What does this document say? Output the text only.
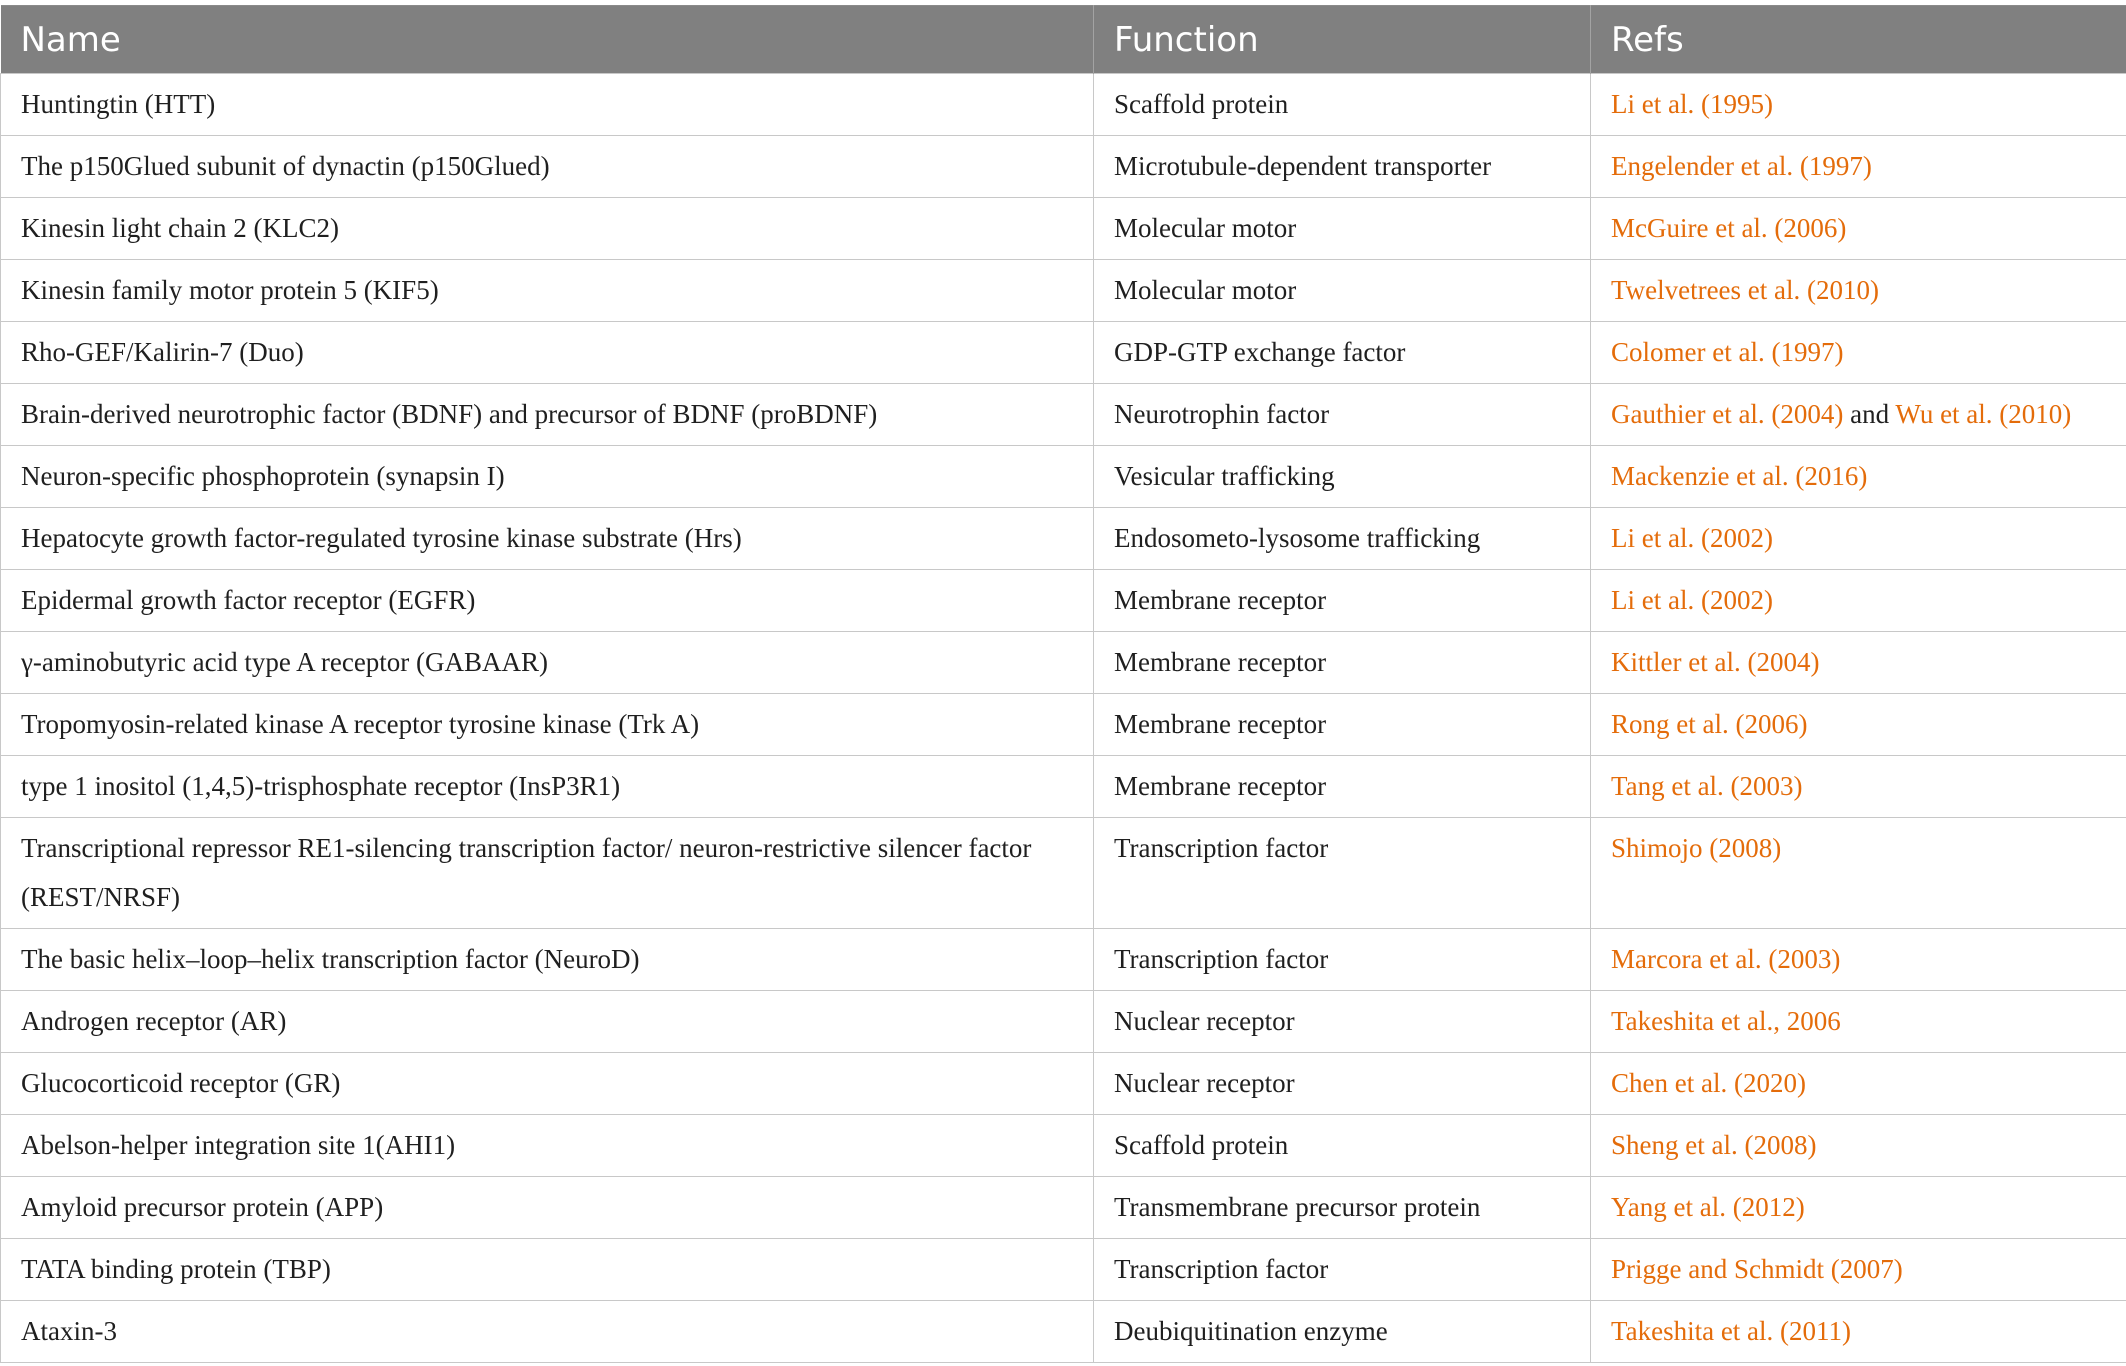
Name	Function	Refs
Huntingtin (HTT)	Scaffold protein	Li et al. (1995)
The p150Glued subunit of dynactin (p150Glued)	Microtubule-dependent transporter	Engelender et al. (1997)
Kinesin light chain 2 (KLC2)	Molecular motor	McGuire et al. (2006)
Kinesin family motor protein 5 (KIF5)	Molecular motor	Twelvetrees et al. (2010)
Rho-GEF/Kalirin-7 (Duo)	GDP-GTP exchange factor	Colomer et al. (1997)
Brain-derived neurotrophic factor (BDNF) and precursor of BDNF (proBDNF)	Neurotrophin factor	Gauthier et al. (2004) and Wu et al. (2010)
Neuron-specific phosphoprotein (synapsin I)	Vesicular trafficking	Mackenzie et al. (2016)
Hepatocyte growth factor-regulated tyrosine kinase substrate (Hrs)	Endosometo-lysosome trafficking	Li et al. (2002)
Epidermal growth factor receptor (EGFR)	Membrane receptor	Li et al. (2002)
γ-aminobutyric acid type A receptor (GABAAR)	Membrane receptor	Kittler et al. (2004)
Tropomyosin-related kinase A receptor tyrosine kinase (Trk A)	Membrane receptor	Rong et al. (2006)
type 1 inositol (1,4,5)-trisphosphate receptor (InsP3R1)	Membrane receptor	Tang et al. (2003)
Transcriptional repressor RE1-silencing transcription factor/ neuron-restrictive silencer factor (REST/NRSF)	Transcription factor	Shimojo (2008)
The basic helix–loop–helix transcription factor (NeuroD)	Transcription factor	Marcora et al. (2003)
Androgen receptor (AR)	Nuclear receptor	Takeshita et al., 2006
Glucocorticoid receptor (GR)	Nuclear receptor	Chen et al. (2020)
Abelson-helper integration site 1(AHI1)	Scaffold protein	Sheng et al. (2008)
Amyloid precursor protein (APP)	Transmembrane precursor protein	Yang et al. (2012)
TATA binding protein (TBP)	Transcription factor	Prigge and Schmidt (2007)
Ataxin-3	Deubiquitination enzyme	Takeshita et al. (2011)
